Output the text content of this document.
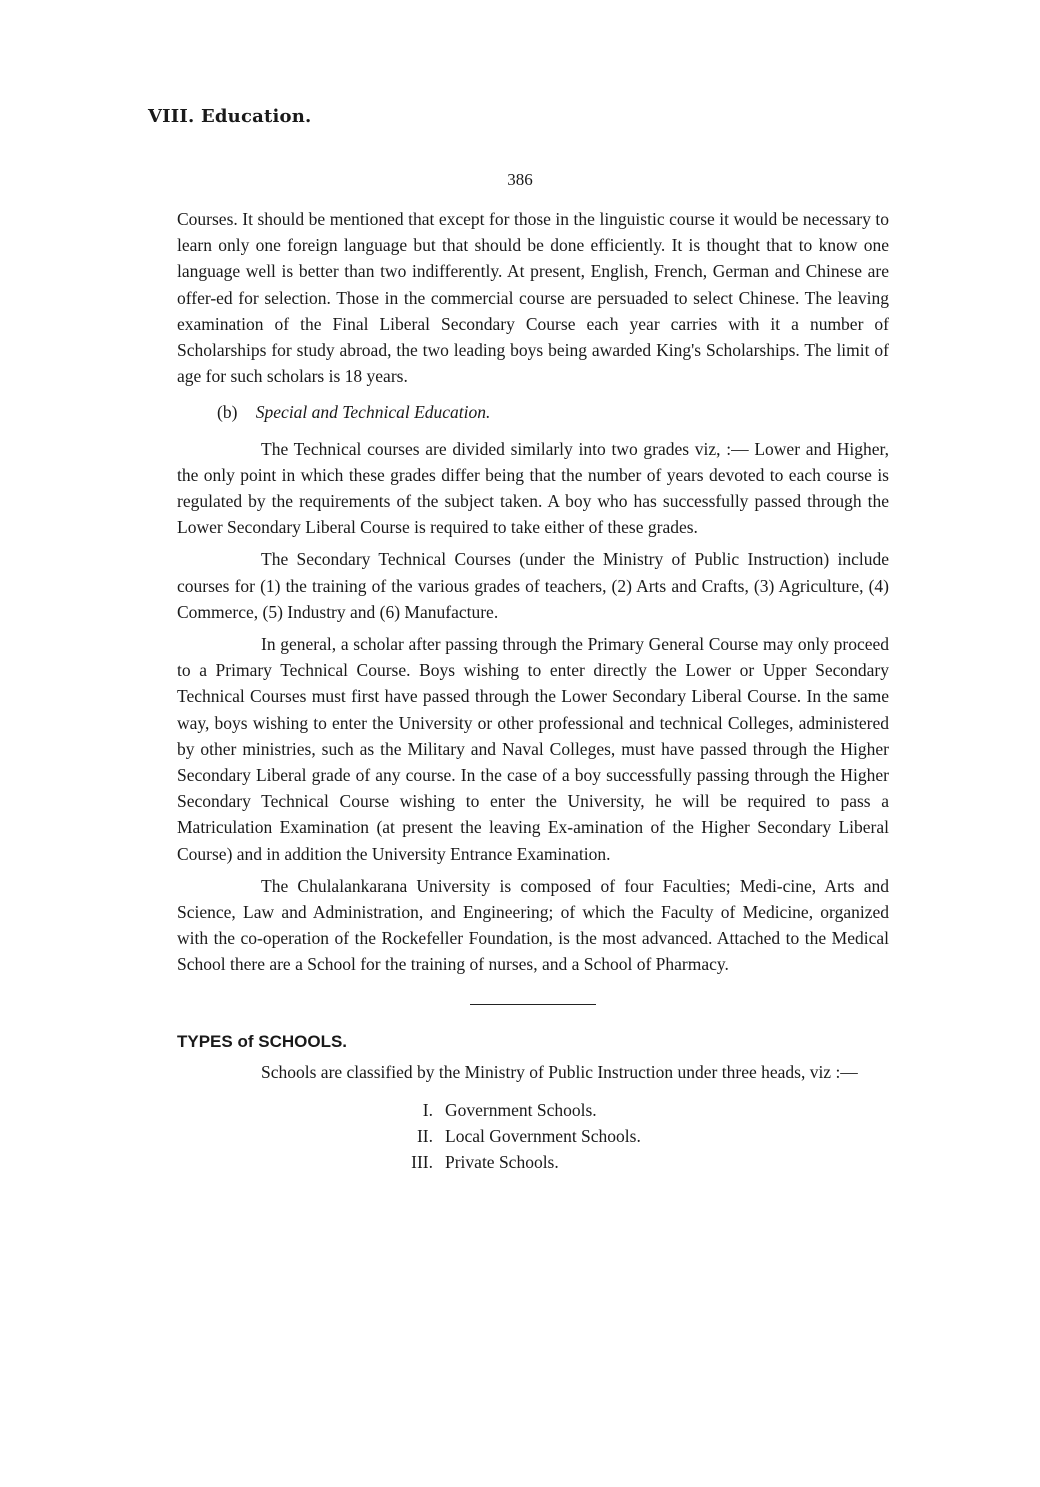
VIII. Education.
386

Courses. It should be mentioned that except for those in the linguistic course it would be necessary to learn only one foreign language but that should be done efficiently. It is thought that to know one language well is better than two indifferently. At present, English, French, German and Chinese are offer-ed for selection. Those in the commercial course are persuaded to select Chinese. The leaving examination of the Final Liberal Secondary Course each year carries with it a number of Scholarships for study abroad, the two leading boys being awarded King's Scholarships. The limit of age for such scholars is 18 years.

(b) Special and Technical Education.

The Technical courses are divided similarly into two grades viz, :— Lower and Higher, the only point in which these grades differ being that the number of years devoted to each course is regulated by the requirements of the subject taken. A boy who has successfully passed through the Lower Secondary Liberal Course is required to take either of these grades.

The Secondary Technical Courses (under the Ministry of Public Instruction) include courses for (1) the training of the various grades of teachers, (2) Arts and Crafts, (3) Agriculture, (4) Commerce, (5) Industry and (6) Manufacture.

In general, a scholar after passing through the Primary General Course may only proceed to a Primary Technical Course. Boys wishing to enter directly the Lower or Upper Secondary Technical Courses must first have passed through the Lower Secondary Liberal Course. In the same way, boys wishing to enter the University or other professional and technical Colleges, administered by other ministries, such as the Military and Naval Colleges, must have passed through the Higher Secondary Liberal grade of any course. In the case of a boy successfully passing through the Higher Secondary Technical Course wishing to enter the University, he will be required to pass a Matriculation Examination (at present the leaving Ex-amination of the Higher Secondary Liberal Course) and in addition the University Entrance Examination.

The Chulalankarana University is composed of four Faculties; Medi-cine, Arts and Science, Law and Administration, and Engineering; of which the Faculty of Medicine, organized with the co-operation of the Rockefeller Foundation, is the most advanced. Attached to the Medical School there are a School for the training of nurses, and a School of Pharmacy.

TYPES of SCHOOLS.

Schools are classified by the Ministry of Public Instruction under three heads, viz :—

I. Government Schools.
II. Local Government Schools.
III. Private Schools.
